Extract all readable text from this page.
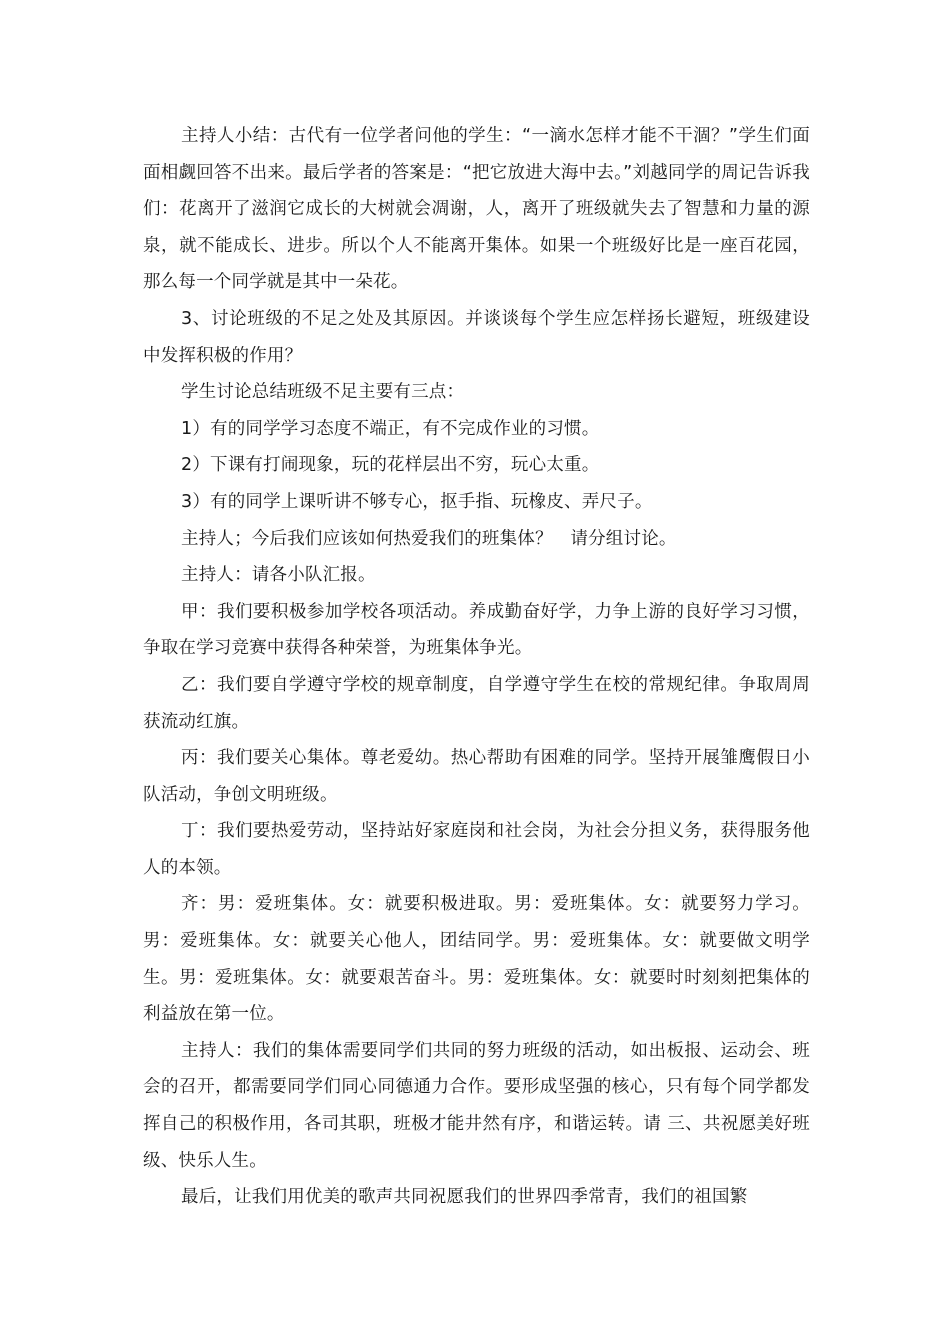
主持人小结：古代有一位学者问他的学生：“一滴水怎样才能不干涸？”学生们面面相觑回答不出来。最后学者的答案是：“把它放进大海中去。”刘越同学的周记告诉我们：花离开了滋润它成长的大树就会凋谢，人，离开了班级就失去了智慧和力量的源泉，就不能成长、进步。所以个人不能离开集体。如果一个班级好比是一座百花园，那么每一个同学就是其中一朵花。

3、讨论班级的不足之处及其原因。并谈谈每个学生应怎样扬长避短，班级建设中发挥积极的作用？

学生讨论总结班级不足主要有三点：

1）有的同学学习态度不端正，有不完成作业的习惯。

2）下课有打闹现象，玩的花样层出不穷，玩心太重。

3）有的同学上课听讲不够专心，抠手指、玩橡皮、弄尺子。

主持人；今后我们应该如何热爱我们的班集体？　请分组讨论。

主持人：请各小队汇报。

甲：我们要积极参加学校各项活动。养成勤奋好学，力争上游的良好学习习惯，争取在学习竞赛中获得各种荣誉，为班集体争光。

乙：我们要自学遵守学校的规章制度，自学遵守学生在校的常规纪律。争取周周获流动红旗。

丙：我们要关心集体。尊老爱幼。热心帮助有困难的同学。坚持开展雏鹰假日小队活动，争创文明班级。

丁：我们要热爱劳动，坚持站好家庭岗和社会岗，为社会分担义务，获得服务他人的本领。

齐：男：爱班集体。女：就要积极进取。男：爱班集体。女：就要努力学习。男：爱班集体。女：就要关心他人，团结同学。男：爱班集体。女：就要做文明学生。男：爱班集体。女：就要艰苦奋斗。男：爱班集体。女：就要时时刻刻把集体的利益放在第一位。

主持人：我们的集体需要同学们共同的努力班级的活动，如出板报、运动会、班会的召开，都需要同学们同心同德通力合作。要形成坚强的核心，只有每个同学都发挥自己的积极作用，各司其职，班极才能井然有序，和谐运转。请 三、共祝愿美好班级、快乐人生。

最后，让我们用优美的歌声共同祝愿我们的世界四季常青，我们的祖国繁
